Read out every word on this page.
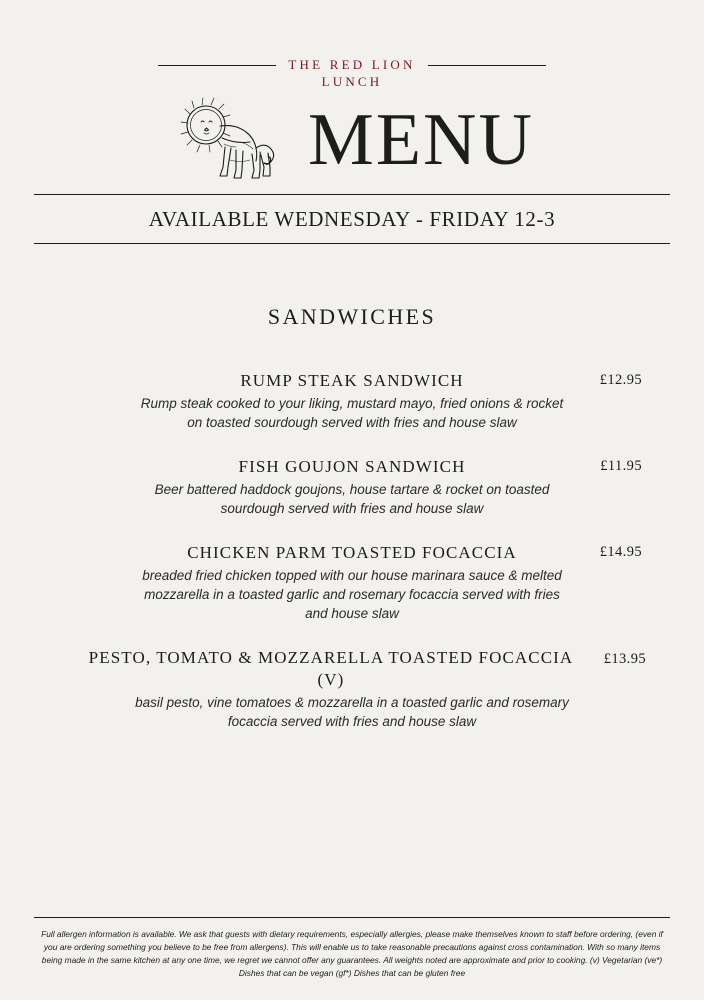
THE RED LION
LUNCH
MENU
AVAILABLE WEDNESDAY - FRIDAY 12-3
SANDWICHES
RUMP STEAK SANDWICH
Rump steak cooked to your liking, mustard mayo, fried onions & rocket on toasted sourdough served with fries and house slaw
£12.95
FISH GOUJON SANDWICH
Beer battered haddock goujons, house tartare & rocket on toasted sourdough served with fries and house slaw
£11.95
CHICKEN PARM TOASTED FOCACCIA
breaded fried chicken topped with our house marinara sauce & melted mozzarella in a toasted garlic and rosemary focaccia served with fries and house slaw
£14.95
PESTO, TOMATO & MOZZARELLA TOASTED FOCACCIA (V)
basil pesto, vine tomatoes & mozzarella in a toasted garlic and rosemary focaccia served with fries and house slaw
£13.95
Full allergen information is available. We ask that guests with dietary requirements, especially allergies, please make themselves known to staff before ordering, (even if you are ordering something you believe to be free from allergens). This will enable us to take reasonable precautions against cross contamination. With so many items being made in the same kitchen at any one time, we regret we cannot offer any guarantees. All weights noted are approximate and prior to cooking. (v) Vegetarian (ve*) Dishes that can be vegan (gf*) Dishes that can be gluten free
